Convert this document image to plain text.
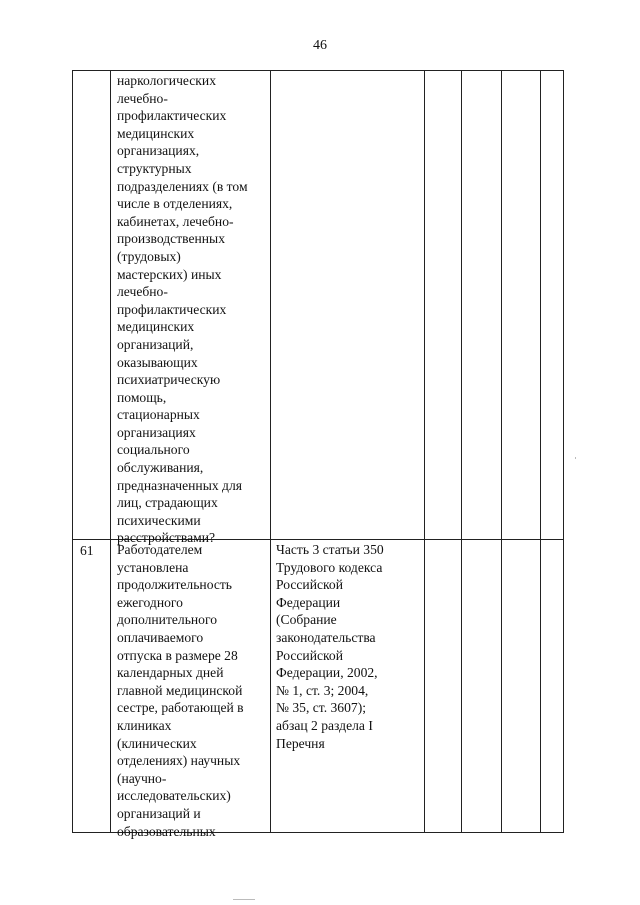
46
наркологических
лечебно-
профилактических
медицинских
организациях,
структурных
подразделениях (в том
числе в отделениях,
кабинетах, лечебно-
производственных
(трудовых)
мастерских) иных
лечебно-
профилактических
медицинских
организаций,
оказывающих
психиатрическую
помощь,
стационарных
организациях
социального
обслуживания,
предназначенных для
лиц, страдающих
психическими
расстройствами?
61 Работодателем
установлена
продолжительность
ежегодного
дополнительного
оплачиваемого
отпуска в размере 28
календарных дней
главной медицинской
сестре, работающей в
клиниках
(клинических
отделениях) научных
(научно-
исследовательских)
организаций и
образовательных
Часть 3 статьи 350
Трудового кодекса
Российской
Федерации
(Собрание
законодательства
Российской
Федерации, 2002,
№ 1, ст. 3; 2004,
№ 35, ст. 3607);
абзац 2 раздела I
Перечня
